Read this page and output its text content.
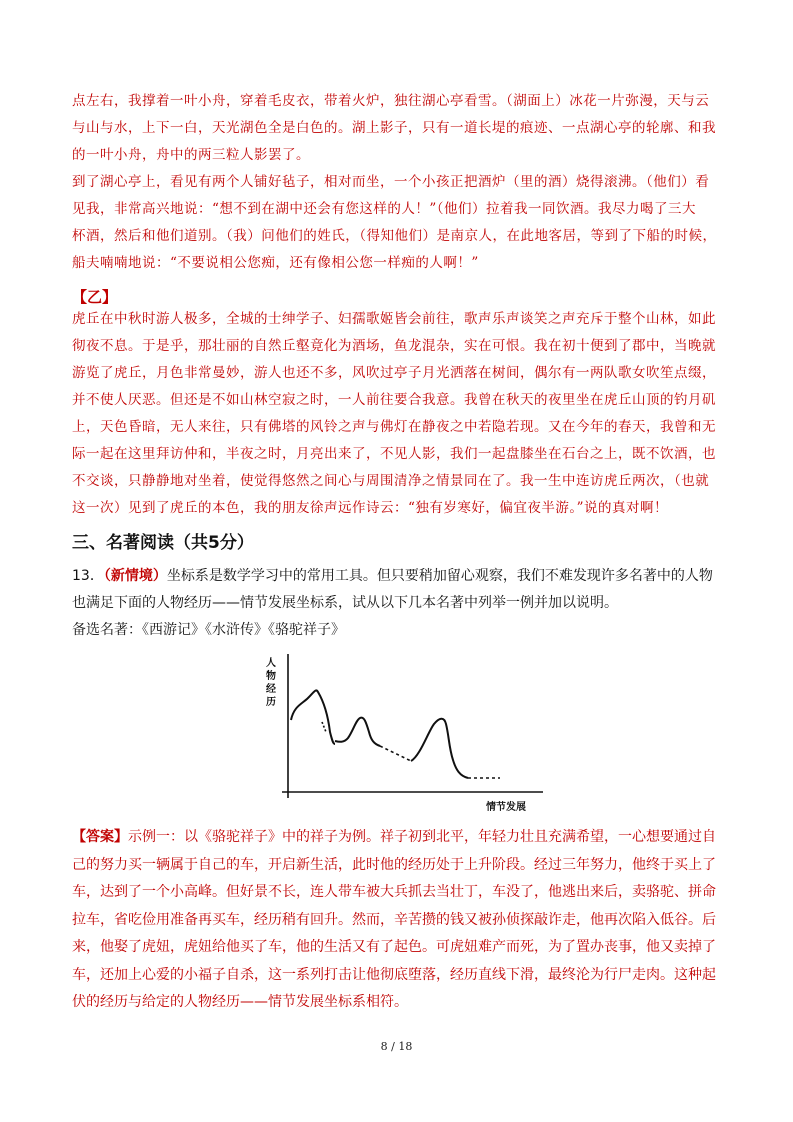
点左右，我撑着一叶小舟，穿着毛皮衣，带着火炉，独往湖心亭看雪。（湖面上）冰花一片弥漫，天与云
与山与水，上下一白，天光湖色全是白色的。湖上影子，只有一道长堤的痕迹、一点湖心亭的轮廓、和我
的一叶小舟，舟中的两三粒人影罢了。
到了湖心亭上，看见有两个人铺好毡子，相对而坐，一个小孩正把酒炉（里的酒）烧得滚沸。（他们）看
见我，非常高兴地说：“想不到在湖中还会有您这样的人！”（他们）拉着我一同饮酒。我尽力喝了三大
杯酒，然后和他们道别。（我）问他们的姓氏，（得知他们）是南京人，在此地客居，等到了下船的时候，
船夫喃喃地说：“不要说相公您痴，还有像相公您一样痴的人啊！”

【乙】

虎丘在中秋时游人极多，全城的士绅学子、妇孺歌姬皆会前往，歌声乐声谈笑之声充斥于整个山林，如此
彻夜不息。于是乎，那壮丽的自然丘壑竟化为酒场，鱼龙混杂，实在可恨。我在初十便到了郡中，当晚就
游览了虎丘，月色非常曼妙，游人也还不多，风吹过亭子月光洒落在树间，偶尔有一两队歌女吹笙点缀，
并不使人厌恶。但还是不如山林空寂之时，一人前往要合我意。我曾在秋天的夜里坐在虎丘山顶的钓月矶
上，天色昏暗，无人来往，只有佛塔的风铃之声与佛灯在静夜之中若隐若现。又在今年的春天，我曾和无
际一起在这里拜访仲和，半夜之时，月亮出来了，不见人影，我们一起盘膝坐在石台之上，既不饮酒，也
不交谈，只静静地对坐着，使觉得悠然之间心与周围清净之情景同在了。我一生中连访虎丘两次，（也就
这一次）见到了虎丘的本色，我的朋友徐声远作诗云：“独有岁寒好，偏宜夜半游。”说的真对啊！

三、名著阅读（共5分）

13．（新情境）坐标系是数学学习中的常用工具。但只要稍加留心观察，我们不难发现许多名著中的人物也满足下面的人物经历——情节发展坐标系，试从以下几本名著中列举一例并加以说明。

备选名著：《西游记》《水浒传》《骆驼祥子》
人 物 经 历
情节发展

【答案】示例一：以《骆驼祥子》中的祥子为例。祥子初到北平，年轻力壮且充满希望，一心想要通过自己的努力买一辆属于自己的车，开启新生活，此时他的经历处于上升阶段。经过三年努力，他终于买上了车，达到了一个小高峰。但好景不长，连人带车被大兵抓去当壮丁，车没了，他逃出来后，卖骆驼、拼命拉车，省吃俭用准备再买车，经历稍有回升。然而，辛苦攒的钱又被孙侦探敲诈走，他再次陷入低谷。后来，他娶了虎妞，虎妞给他买了车，他的生活又有了起色。可虎妞难产而死，为了置办丧事，他又卖掉了车，还加上心爱的小福子自杀，这一系列打击让他彻底堕落，经历直线下滑，最终沦为行尸走肉。这种起伏的经历与给定的人物经历——情节发展坐标系相符。

8 / 18
